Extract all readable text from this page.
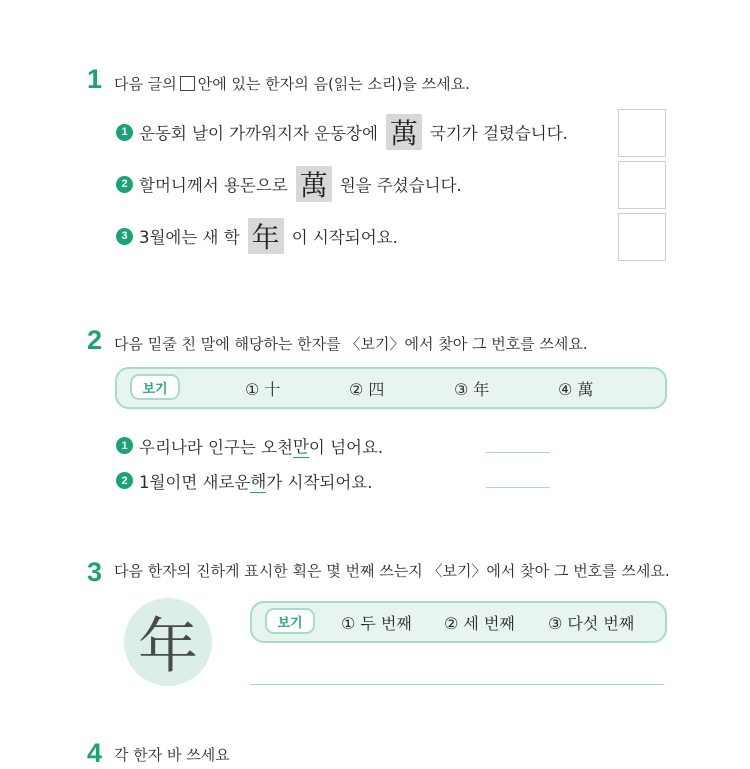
1 다음 글의 안에 있는 한자의 음(읽는 소리)을 쓰세요.
1 운동회 날이 가까워지자 운동장에 萬 국기가 걸렸습니다.
2 할머니께서 용돈으로 萬 원을 주셨습니다.
3 3월에는 새 학 年 이 시작되어요.
2 다음 밑줄 친 말에 해당하는 한자를 〈보기〉에서 찾아 그 번호를 쓰세요.
보기	① 十	② 四	③ 年	④ 萬
1 우리나라 인구는 오천 만 이 넘어요.
2 1월이면 새로운 해 가 시작되어요.
3 다음 한자의 진하게 표시한 획은 몇 번째 쓰는지 〈보기〉에서 찾아 그 번호를 쓰세요.
年	보기	① 두 번째 ② 세 번째 ③ 다섯 번째
4 각 한자 바 쓰세요
